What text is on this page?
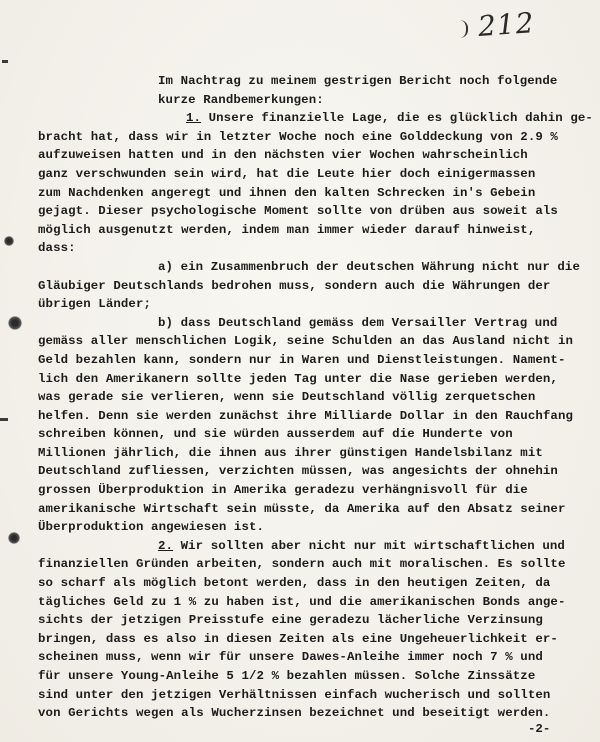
212
Im Nachtrag zu meinem gestrigen Bericht noch folgende
kurze Randbemerkungen:
1. Unsere finanzielle Lage, die es glücklich dahin ge-
bracht hat, dass wir in letzter Woche noch eine Golddeckung von 2.9 %
aufzuweisen hatten und in den nächsten vier Wochen wahrscheinlich
ganz verschwunden sein wird, hat die Leute hier doch einigermassen
zum Nachdenken angeregt und ihnen den kalten Schrecken in's Gebein
gejagt. Dieser psychologische Moment sollte von drüben aus soweit als
möglich ausgenutzt werden, indem man immer wieder darauf hinweist,
dass:
a) ein Zusammenbruch der deutschen Währung nicht nur die
Gläubiger Deutschlands bedrohen muss, sondern auch die Währungen der
übrigen Länder;
b) dass Deutschland gemäss dem Versailler Vertrag und
gemäss aller menschlichen Logik, seine Schulden an das Ausland nicht in
Geld bezahlen kann, sondern nur in Waren und Dienstleistungen. Nament-
lich den Amerikanern sollte jeden Tag unter die Nase gerieben werden,
was gerade sie verlieren, wenn sie Deutschland völlig zerquetschen
helfen. Denn sie werden zunächst ihre Milliarde Dollar in den Rauchfang
schreiben können, und sie würden ausserdem auf die Hunderte von
Millionen jährlich, die ihnen aus ihrer günstigen Handelsbilanz mit
Deutschland zufliessen, verzichten müssen, was angesichts der ohnehin
grossen Überproduktion in Amerika geradezu verhängnisvoll für die
amerikanische Wirtschaft sein müsste, da Amerika auf den Absatz seiner
Überproduktion angewiesen ist.
2. Wir sollten aber nicht nur mit wirtschaftlichen und
finanziellen Gründen arbeiten, sondern auch mit moralischen. Es sollte
so scharf als möglich betont werden, dass in den heutigen Zeiten, da
tägliches Geld zu 1 % zu haben ist, und die amerikanischen Bonds ange-
sichts der jetzigen Preisstufe eine geradezu lächerliche Verzinsung
bringen, dass es also in diesen Zeiten als eine Ungeheuerlichkeit er-
scheinen muss, wenn wir für unsere Dawes-Anleihe immer noch 7 % und
für unsere Young-Anleihe 5 1/2 % bezahlen müssen. Solche Zinssätze
sind unter den jetzigen Verhältnissen einfach wucherisch und sollten
von Gerichts wegen als Wucherzinsen bezeichnet und beseitigt werden.
-2-
